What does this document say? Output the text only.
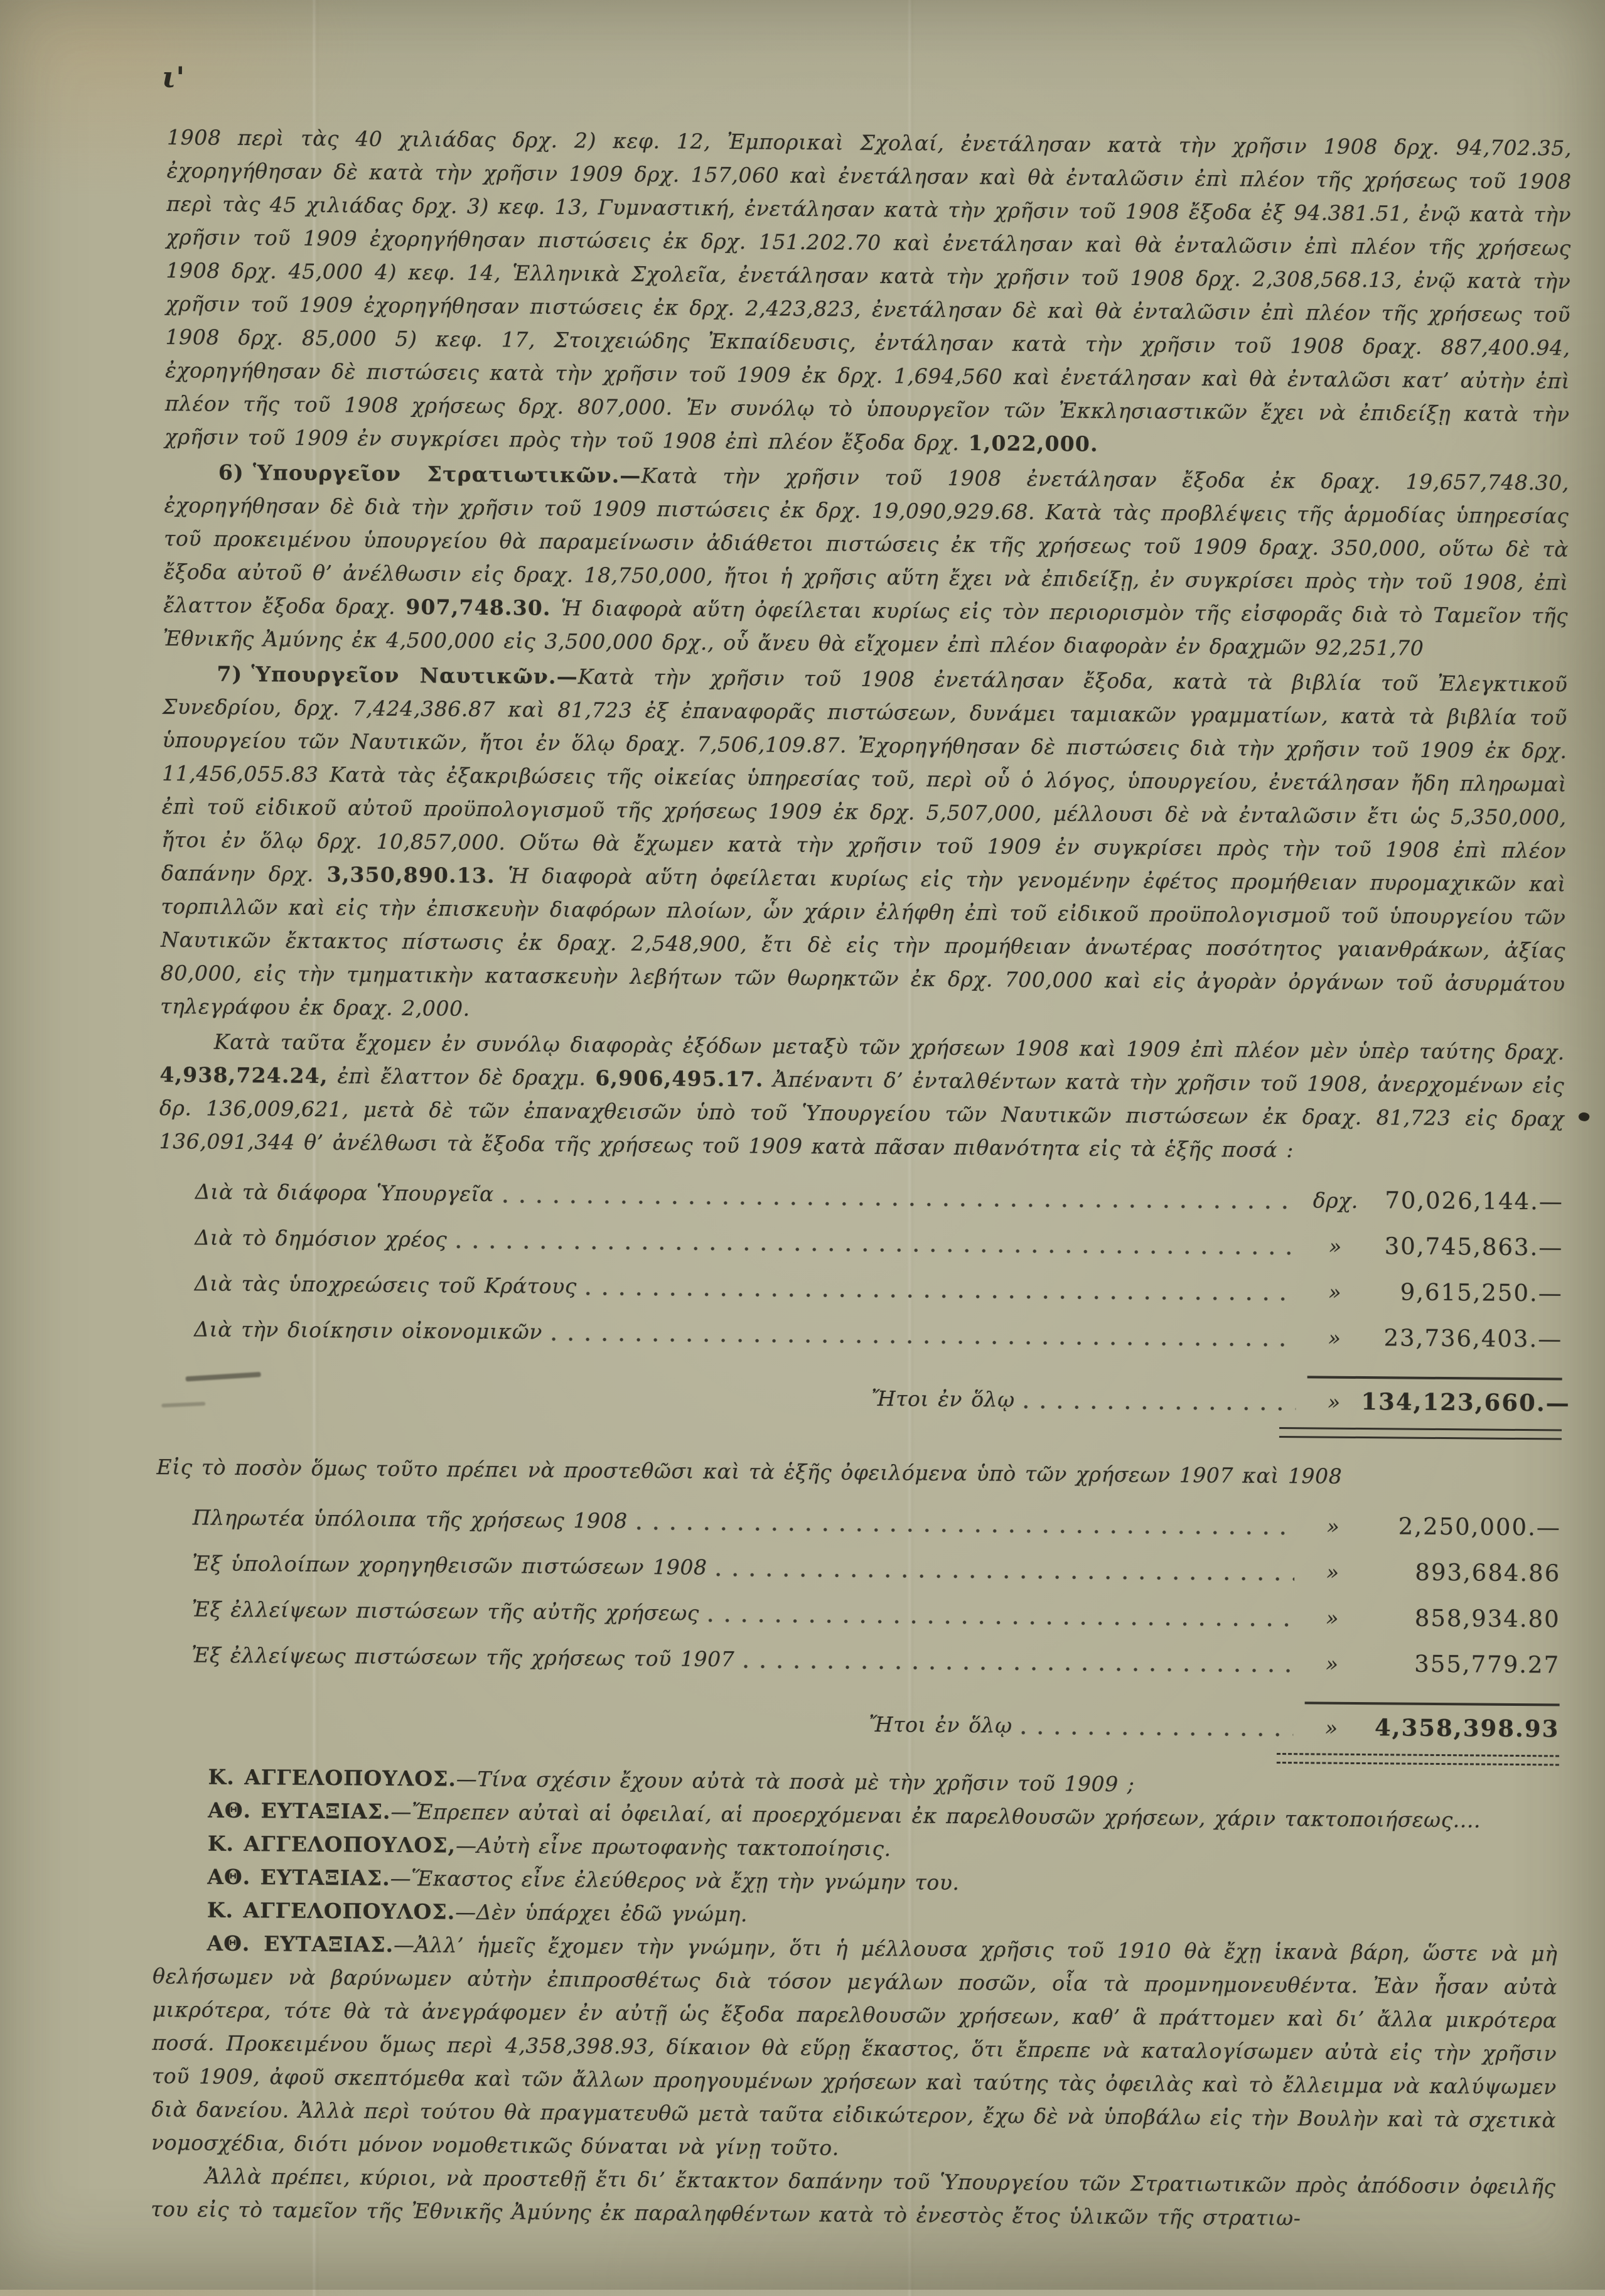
ι'

1908 περὶ τὰς 40 χιλιάδας δρχ. 2) κεφ. 12, Ἐμπορικαὶ Σχολαί, ἐνετάλησαν κατὰ τὴν χρῆσιν 1908 δρχ. 94,702.35, ἐχορηγήθησαν δὲ κατὰ τὴν χρῆσιν 1909 δρχ. 157,060 καὶ ἐνετάλησαν καὶ θὰ ἐνταλῶσιν ἐπὶ πλέον τῆς χρήσεως τοῦ 1908 περὶ τὰς 45 χιλιάδας δρχ. 3) κεφ. 13, Γυμναστική, ἐνετάλησαν κατὰ τὴν χρῆσιν τοῦ 1908 ἔξοδα ἐξ 94.381.51, ἐνῷ κατὰ τὴν χρῆσιν τοῦ 1909 ἐχορηγήθησαν πιστώσεις ἐκ δρχ. 151.202.70 καὶ ἐνετάλησαν καὶ θὰ ἐνταλῶσιν ἐπὶ πλέον τῆς χρήσεως 1908 δρχ. 45,000 4) κεφ. 14, Ἑλληνικὰ Σχολεῖα, ἐνετάλησαν κατὰ τὴν χρῆσιν τοῦ 1908 δρχ. 2,308,568.13, ἐνῷ κατὰ τὴν χρῆσιν τοῦ 1909 ἐχορηγήθησαν πιστώσεις ἐκ δρχ. 2,423,823, ἐνετάλησαν δὲ καὶ θὰ ἐνταλῶσιν ἐπὶ πλέον τῆς χρήσεως τοῦ 1908 δρχ. 85,000 5) κεφ. 17, Στοιχειώδης Ἐκπαίδευσις, ἐντάλησαν κατὰ τὴν χρῆσιν τοῦ 1908 δραχ. 887,400.94, ἐχορηγήθησαν δὲ πιστώσεις κατὰ τὴν χρῆσιν τοῦ 1909 ἐκ δρχ. 1,694,560 καὶ ἐνετάλησαν καὶ θὰ ἐνταλῶσι κατ’ αὐτὴν ἐπὶ πλέον τῆς τοῦ 1908 χρήσεως δρχ. 807,000. Ἐν συνόλῳ τὸ ὑπουργεῖον τῶν Ἐκκλησιαστικῶν ἔχει νὰ ἐπιδείξῃ κατὰ τὴν χρῆσιν τοῦ 1909 ἐν συγκρίσει πρὸς τὴν τοῦ 1908 ἐπὶ πλέον ἔξοδα δρχ. 1,022,000.

6) Ὑπουργεῖον Στρατιωτικῶν.—Κατὰ τὴν χρῆσιν τοῦ 1908 ἐνετάλησαν ἔξοδα ἐκ δραχ. 19,657,748.30, ἐχορηγήθησαν δὲ διὰ τὴν χρῆσιν τοῦ 1909 πιστώσεις ἐκ δρχ. 19,090,929.68. Κατὰ τὰς προβλέψεις τῆς ἁρμοδίας ὑπηρεσίας τοῦ προκειμένου ὑπουργείου θὰ παραμείνωσιν ἀδιάθετοι πιστώσεις ἐκ τῆς χρήσεως τοῦ 1909 δραχ. 350,000, οὕτω δὲ τὰ ἔξοδα αὐτοῦ θ’ ἀνέλθωσιν εἰς δραχ. 18,750,000, ἤτοι ἡ χρῆσις αὕτη ἔχει νὰ ἐπιδείξῃ, ἐν συγκρίσει πρὸς τὴν τοῦ 1908, ἐπὶ ἔλαττον ἔξοδα δραχ. 907,748.30. Ἡ διαφορὰ αὕτη ὀφείλεται κυρίως εἰς τὸν περιορισμὸν τῆς εἰσφορᾶς διὰ τὸ Ταμεῖον τῆς Ἐθνικῆς Ἀμύνης ἐκ 4,500,000 εἰς 3,500,000 δρχ., οὗ ἄνευ θὰ εἴχομεν ἐπὶ πλέον διαφορὰν ἐν δραχμῶν 92,251,70

7) Ὑπουργεῖον Ναυτικῶν.—Κατὰ τὴν χρῆσιν τοῦ 1908 ἐνετάλησαν ἔξοδα, κατὰ τὰ βιβλία τοῦ Ἐλεγκτικοῦ Συνεδρίου, δρχ. 7,424,386.87 καὶ 81,723 ἐξ ἐπαναφορᾶς πιστώσεων, δυνάμει ταμιακῶν γραμματίων, κατὰ τὰ βιβλία τοῦ ὑπουργείου τῶν Ναυτικῶν, ἤτοι ἐν ὅλῳ δραχ. 7,506,109.87. Ἐχορηγήθησαν δὲ πιστώσεις διὰ τὴν χρῆσιν τοῦ 1909 ἐκ δρχ. 11,456,055.83 Κατὰ τὰς ἐξακριβώσεις τῆς οἰκείας ὑπηρεσίας τοῦ, περὶ οὗ ὁ λόγος, ὑπουργείου, ἐνετάλησαν ἤδη πληρωμαὶ ἐπὶ τοῦ εἰδικοῦ αὐτοῦ προϋπολογισμοῦ τῆς χρήσεως 1909 ἐκ δρχ. 5,507,000, μέλλουσι δὲ νὰ ἐνταλῶσιν ἔτι ὡς 5,350,000, ἤτοι ἐν ὅλῳ δρχ. 10,857,000. Οὕτω θὰ ἔχωμεν κατὰ τὴν χρῆσιν τοῦ 1909 ἐν συγκρίσει πρὸς τὴν τοῦ 1908 ἐπὶ πλέον δαπάνην δρχ. 3,350,890.13. Ἡ διαφορὰ αὕτη ὀφείλεται κυρίως εἰς τὴν γενομένην ἐφέτος προμήθειαν πυρομαχικῶν καὶ τορπιλλῶν καὶ εἰς τὴν ἐπισκευὴν διαφόρων πλοίων, ὧν χάριν ἐλήφθη ἐπὶ τοῦ εἰδικοῦ προϋπολογισμοῦ τοῦ ὑπουργείου τῶν Ναυτικῶν ἔκτακτος πίστωσις ἐκ δραχ. 2,548,900, ἔτι δὲ εἰς τὴν προμήθειαν ἀνωτέρας ποσότητος γαιανθράκων, ἀξίας 80,000, εἰς τὴν τμηματικὴν κατασκευὴν λεβήτων τῶν θωρηκτῶν ἐκ δρχ. 700,000 καὶ εἰς ἀγορὰν ὀργάνων τοῦ ἀσυρμάτου τηλεγράφου ἐκ δραχ. 2,000.

Κατὰ ταῦτα ἔχομεν ἐν συνόλῳ διαφορὰς ἐξόδων μεταξὺ τῶν χρήσεων 1908 καὶ 1909 ἐπὶ πλέον μὲν ὑπὲρ ταύτης δραχ. 4,938,724.24, ἐπὶ ἔλαττον δὲ δραχμ. 6,906,495.17. Ἀπέναντι δ’ ἐνταλθέντων κατὰ τὴν χρῆσιν τοῦ 1908, ἀνερχομένων εἰς δρ. 136,009,621, μετὰ δὲ τῶν ἐπαναχθεισῶν ὑπὸ τοῦ Ὑπουργείου τῶν Ναυτικῶν πιστώσεων ἐκ δραχ. 81,723 εἰς δραχ 136,091,344 θ’ ἀνέλθωσι τὰ ἔξοδα τῆς χρήσεως τοῦ 1909 κατὰ πᾶσαν πιθανότητα εἰς τὰ ἑξῆς ποσά :

Διὰ τὰ διάφορα Ὑπουργεῖα	δρχ.	70,026,144.—
Διὰ τὸ δημόσιον χρέος	»	30,745,863.—
Διὰ τὰς ὑποχρεώσεις τοῦ Κράτους	»	9,615,250.—
Διὰ τὴν διοίκησιν οἰκονομικῶν	»	23,736,403.—
Ἤτοι ἐν ὅλῳ	» 134,123,660.—

Εἰς τὸ ποσὸν ὅμως τοῦτο πρέπει νὰ προστεθῶσι καὶ τὰ ἑξῆς ὀφειλόμενα ὑπὸ τῶν χρήσεων 1907 καὶ 1908

Πληρωτέα ὑπόλοιπα τῆς χρήσεως 1908	»	2,250,000.—
Ἐξ ὑπολοίπων χορηγηθεισῶν πιστώσεων 1908	»	893,684.86
Ἐξ ἐλλείψεων πιστώσεων τῆς αὐτῆς χρήσεως	»	858,934.80
Ἐξ ἐλλείψεως πιστώσεων τῆς χρήσεως τοῦ 1907	»	355,779.27
Ἤτοι ἐν ὅλῳ	»	4,358,398.93

Κ. ΑΓΓΕΛΟΠΟΥΛΟΣ.—Τίνα σχέσιν ἔχουν αὐτὰ τὰ ποσὰ μὲ τὴν χρῆσιν τοῦ 1909 ;

ΑΘ. ΕΥΤΑΞΙΑΣ.—Ἔπρεπεν αὐταὶ αἱ ὀφειλαί, αἱ προερχόμεναι ἐκ παρελθουσῶν χρήσεων, χάριν τακτοποιήσεως....

Κ. ΑΓΓΕΛΟΠΟΥΛΟΣ,—Αὐτὴ εἶνε πρωτοφανὴς τακτοποίησις.

ΑΘ. ΕΥΤΑΞΙΑΣ.—Ἕκαστος εἶνε ἐλεύθερος νὰ ἔχῃ τὴν γνώμην του.

Κ. ΑΓΓΕΛΟΠΟΥΛΟΣ.—Δὲν ὑπάρχει ἐδῶ γνώμη.

ΑΘ. ΕΥΤΑΞΙΑΣ.—Ἀλλ’ ἡμεῖς ἔχομεν τὴν γνώμην, ὅτι ἡ μέλλουσα χρῆσις τοῦ 1910 θὰ ἔχῃ ἱκανὰ βάρη, ὥστε νὰ μὴ θελήσωμεν νὰ βαρύνωμεν αὐτὴν ἐπιπροσθέτως διὰ τόσον μεγάλων ποσῶν, οἷα τὰ προμνημονευθέντα. Ἐὰν ἦσαν αὐτὰ μικρότερα, τότε θὰ τὰ ἀνεγράφομεν ἐν αὐτῇ ὡς ἔξοδα παρελθουσῶν χρήσεων, καθ’ ἃ πράττομεν καὶ δι’ ἄλλα μικρότερα ποσά. Προκειμένου ὅμως περὶ 4,358,398.93, δίκαιον θὰ εὕρῃ ἕκαστος, ὅτι ἔπρεπε νὰ καταλογίσωμεν αὐτὰ εἰς τὴν χρῆσιν τοῦ 1909, ἀφοῦ σκεπτόμεθα καὶ τῶν ἄλλων προηγουμένων χρήσεων καὶ ταύτης τὰς ὀφειλὰς καὶ τὸ ἔλλειμμα νὰ καλύψωμεν διὰ δανείου. Ἀλλὰ περὶ τούτου θὰ πραγματευθῶ μετὰ ταῦτα εἰδικώτερον, ἔχω δὲ νὰ ὑποβάλω εἰς τὴν Βουλὴν καὶ τὰ σχετικὰ νομοσχέδια, διότι μόνον νομοθετικῶς δύναται νὰ γίνῃ τοῦτο.

Ἀλλὰ πρέπει, κύριοι, νὰ προστεθῇ ἔτι δι’ ἔκτακτον δαπάνην τοῦ Ὑπουργείου τῶν Στρατιωτικῶν πρὸς ἀπόδοσιν ὀφειλῆς του εἰς τὸ ταμεῖον τῆς Ἐθνικῆς Ἀμύνης ἐκ παραληφθέντων κατὰ τὸ ἐνεστὸς ἔτος ὑλικῶν τῆς στρατιω-
